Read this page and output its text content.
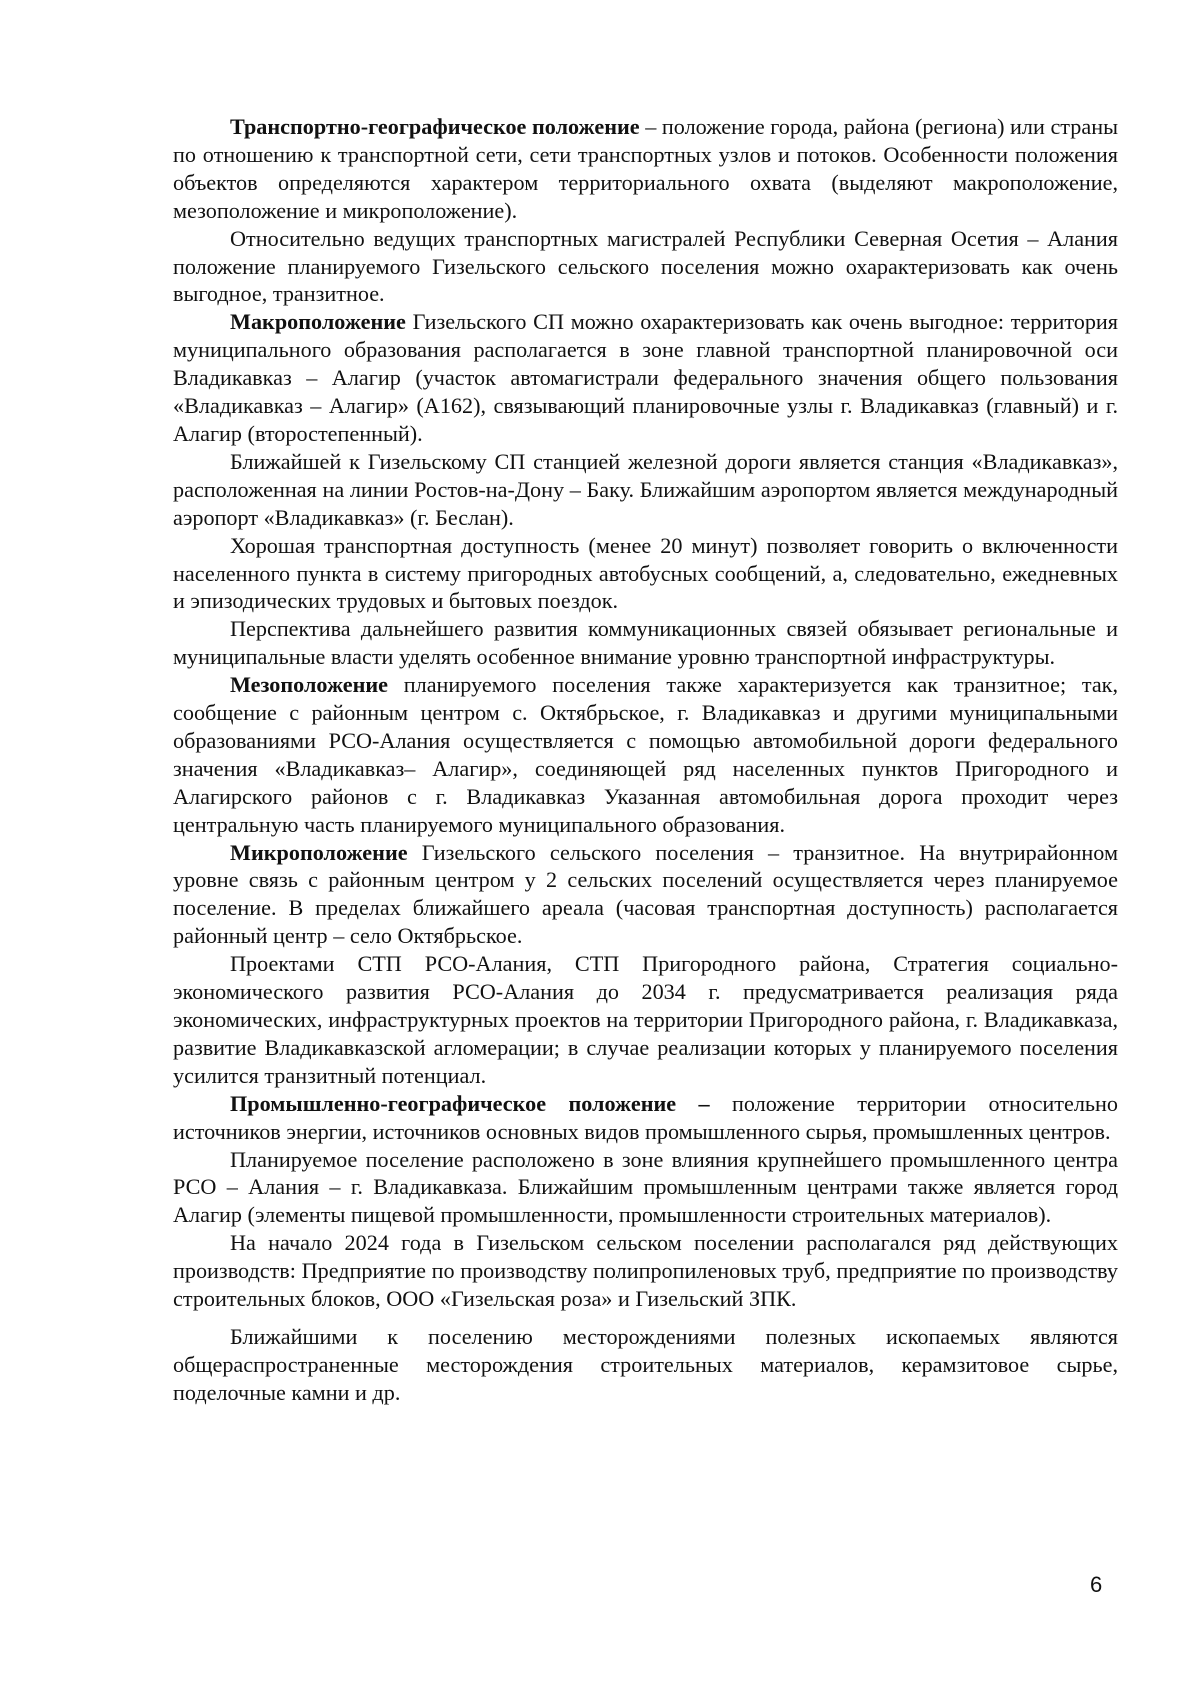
Транспортно-географическое положение – положение города, района (региона) или страны по отношению к транспортной сети, сети транспортных узлов и потоков. Особенности положения объектов определяются характером территориального охвата (выделяют макроположение, мезоположение и микроположение).

Относительно ведущих транспортных магистралей Республики Северная Осетия – Алания положение планируемого Гизельского сельского поселения можно охарактеризовать как очень выгодное, транзитное.

Макроположение Гизельского СП можно охарактеризовать как очень выгодное: территория муниципального образования располагается в зоне главной транспортной планировочной оси Владикавказ – Алагир (участок автомагистрали федерального значения общего пользования «Владикавказ – Алагир» (А162), связывающий планировочные узлы г. Владикавказ (главный) и г. Алагир (второстепенный).

Ближайшей к Гизельскому СП станцией железной дороги является станция «Владикавказ», расположенная на линии Ростов-на-Дону – Баку. Ближайшим аэропортом является международный аэропорт «Владикавказ» (г. Беслан).

Хорошая транспортная доступность (менее 20 минут) позволяет говорить о включенности населенного пункта в систему пригородных автобусных сообщений, а, следовательно, ежедневных и эпизодических трудовых и бытовых поездок.

Перспектива дальнейшего развития коммуникационных связей обязывает региональные и муниципальные власти уделять особенное внимание уровню транспортной инфраструктуры.

Мезоположение планируемого поселения также характеризуется как транзитное; так, сообщение с районным центром с. Октябрьское, г. Владикавказ и другими муниципальными образованиями РСО-Алания осуществляется с помощью автомобильной дороги федерального значения «Владикавказ– Алагир», соединяющей ряд населенных пунктов Пригородного и Алагирского районов с г. Владикавказ Указанная автомобильная дорога проходит через центральную часть планируемого муниципального образования.

Микроположение Гизельского сельского поселения – транзитное. На внутрирайонном уровне связь с районным центром у 2 сельских поселений осуществляется через планируемое поселение. В пределах ближайшего ареала (часовая транспортная доступность) располагается районный центр – село Октябрьское.

Проектами СТП РСО-Алания, СТП Пригородного района, Стратегия социально-экономического развития РСО-Алания до 2034 г. предусматривается реализация ряда экономических, инфраструктурных проектов на территории Пригородного района, г. Владикавказа, развитие Владикавказской агломерации; в случае реализации которых у планируемого поселения усилится транзитный потенциал.

Промышленно-географическое положение – положение территории относительно источников энергии, источников основных видов промышленного сырья, промышленных центров.

Планируемое поселение расположено в зоне влияния крупнейшего промышленного центра РСО – Алания – г. Владикавказа. Ближайшим промышленным центрами также является город Алагир (элементы пищевой промышленности, промышленности строительных материалов).

На начало 2024 года в Гизельском сельском поселении располагался ряд действующих производств: Предприятие по производству полипропиленовых труб, предприятие по производству строительных блоков, ООО «Гизельская роза» и Гизельский ЗПК.

Ближайшими к поселению месторождениями полезных ископаемых являются общераспространенные месторождения строительных материалов, керамзитовое сырье, поделочные камни и др.

6
